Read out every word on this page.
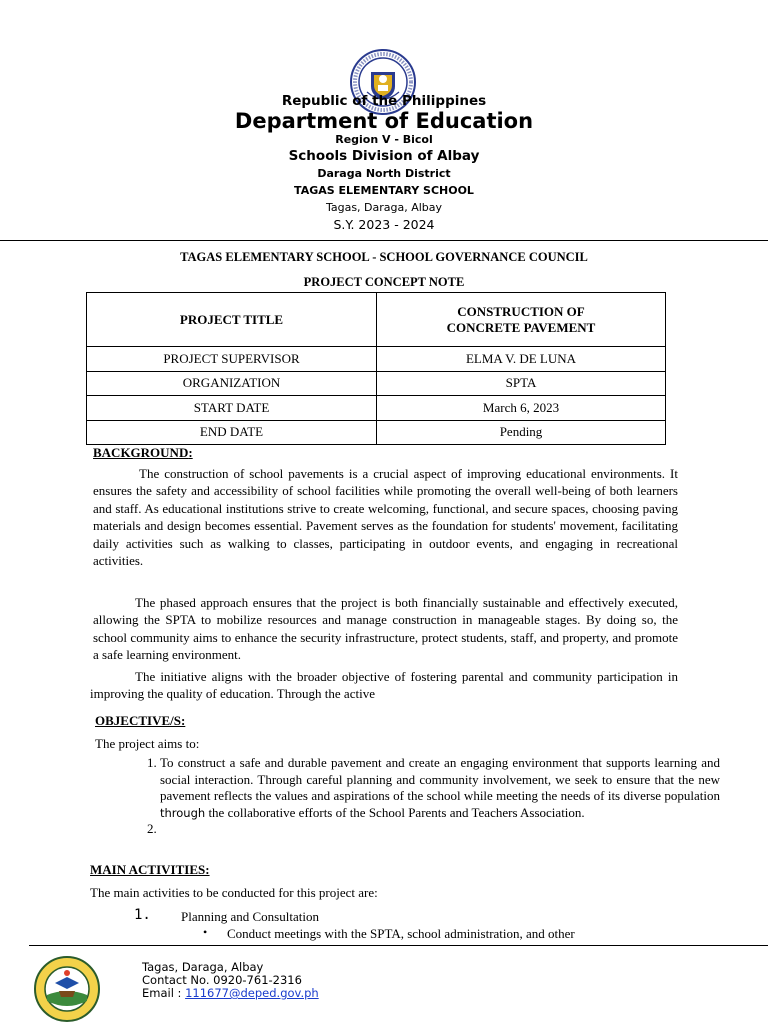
Republic of the Philippines
Department of Education
Region V - Bicol
Schools Division of Albay
Daraga North District
TAGAS ELEMENTARY SCHOOL
Tagas, Daraga, Albay
S.Y. 2023 - 2024
TAGAS ELEMENTARY SCHOOL - SCHOOL GOVERNANCE COUNCIL
PROJECT CONCEPT NOTE
PROJECT TITLE	CONSTRUCTION OF CONCRETE PAVEMENT

PROJECT SUPERVISOR	ELMA V. DE LUNA
ORGANIZATION	SPTA
START DATE	March 6, 2023
END DATE	Pending
BACKGROUND:
The construction of school pavements is a crucial aspect of improving educational environments. It ensures the safety and accessibility of school facilities while promoting the overall well-being of both learners and staff. As educational institutions strive to create welcoming, functional, and secure spaces, choosing paving materials and design becomes essential. Pavement serves as the foundation for students' movement, facilitating daily activities such as walking to classes, participating in outdoor events, and engaging in recreational activities.
The phased approach ensures that the project is both financially sustainable and effectively executed, allowing the SPTA to mobilize resources and manage construction in manageable stages. By doing so, the school community aims to enhance the security infrastructure, protect students, staff, and property, and promote a safe learning environment.
The initiative aligns with the broader objective of fostering parental and community participation in improving the quality of education. Through the active
OBJECTIVE/S:
The project aims to:
1. To construct a safe and durable pavement and create an engaging environment that supports learning and social interaction. Through careful planning and community involvement, we seek to ensure that the new pavement reflects the values and aspirations of the school while meeting the needs of its diverse population through the collaborative efforts of the School Parents and Teachers Association.
2.
MAIN ACTIVITIES:
The main activities to be conducted for this project are:
1. Planning and Consultation
• Conduct meetings with the SPTA, school administration, and other
Tagas, Daraga, Albay
Contact No. 0920-761-2316
Email : 111677@deped.gov.ph
